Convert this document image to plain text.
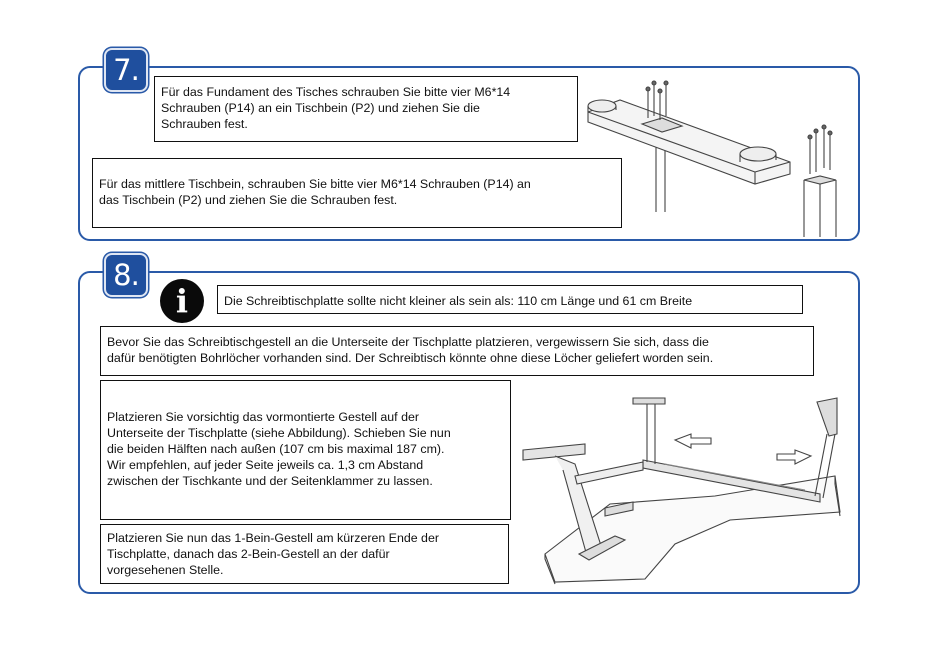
7.
Für das Fundament des Tisches schrauben Sie bitte vier M6*14
Schrauben (P14) an ein Tischbein (P2) und ziehen Sie die
Schrauben fest.
Für das mittlere Tischbein, schrauben Sie bitte vier M6*14 Schrauben (P14) an
das Tischbein (P2) und ziehen Sie die Schrauben fest.
8.
i	Die Schreibtischplatte sollte nicht kleiner als sein als: 110 cm Länge und 61 cm Breite
Bevor Sie das Schreibtischgestell an die Unterseite der Tischplatte platzieren, vergewissern Sie sich, dass die
dafür benötigten Bohrlöcher vorhanden sind. Der Schreibtisch könnte ohne diese Löcher geliefert worden sein.
Platzieren Sie vorsichtig das vormontierte Gestell auf der
Unterseite der Tischplatte (siehe Abbildung). Schieben Sie nun
die beiden Hälften nach außen (107 cm bis maximal 187 cm).
Wir empfehlen, auf jeder Seite jeweils ca. 1,3 cm Abstand
zwischen der Tischkante und der Seitenklammer zu lassen.
Platzieren Sie nun das 1-Bein-Gestell am kürzeren Ende der
Tischplatte, danach das 2-Bein-Gestell an der dafür
vorgesehenen Stelle.
